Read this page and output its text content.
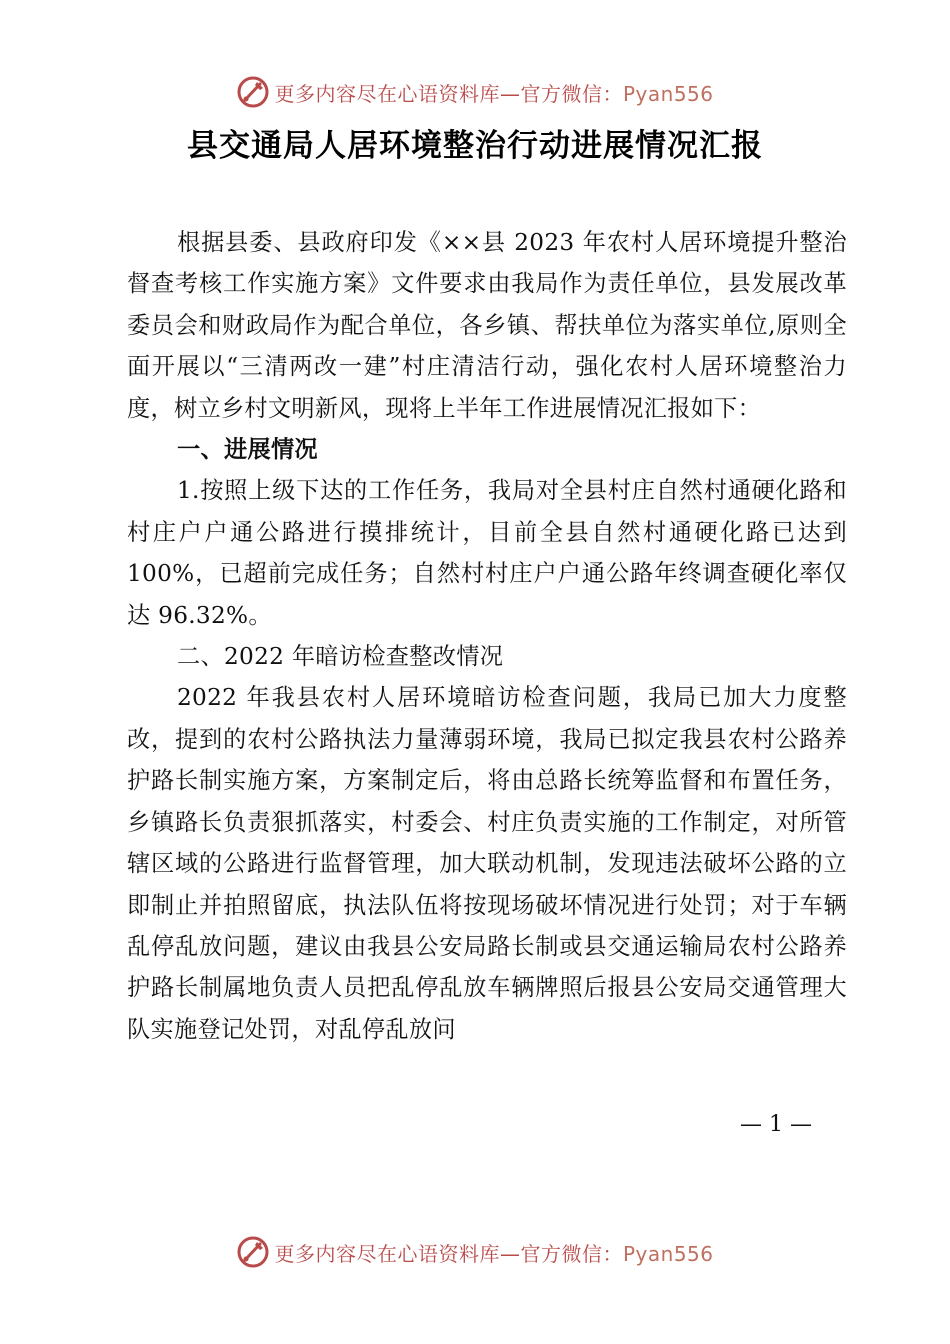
更多内容尽在心语资料库—官方微信：Pyan556
县交通局人居环境整治行动进展情况汇报

根据县委、县政府印发《××县 2023 年农村人居环境提升整治督查考核工作实施方案》文件要求由我局作为责任单位，县发展改革委员会和财政局作为配合单位，各乡镇、帮扶单位为落实单位,原则全面开展以“三清两改一建”村庄清洁行动，强化农村人居环境整治力度，树立乡村文明新风，现将上半年工作进展情况汇报如下：

一、进展情况

1.按照上级下达的工作任务，我局对全县村庄自然村通硬化路和村庄户户通公路进行摸排统计，目前全县自然村通硬化路已达到 100%，已超前完成任务；自然村村庄户户通公路年终调查硬化率仅达 96.32%。

二、2022 年暗访检查整改情况

2022 年我县农村人居环境暗访检查问题，我局已加大力度整改，提到的农村公路执法力量薄弱环境，我局已拟定我县农村公路养护路长制实施方案，方案制定后，将由总路长统筹监督和布置任务，乡镇路长负责狠抓落实，村委会、村庄负责实施的工作制定，对所管辖区域的公路进行监督管理，加大联动机制，发现违法破坏公路的立即制止并拍照留底，执法队伍将按现场破坏情况进行处罚；对于车辆乱停乱放问题，建议由我县公安局路长制或县交通运输局农村公路养护路长制属地负责人员把乱停乱放车辆牌照后报县公安局交通管理大队实施登记处罚，对乱停乱放问

— 1 —
更多内容尽在心语资料库—官方微信：Pyan556
